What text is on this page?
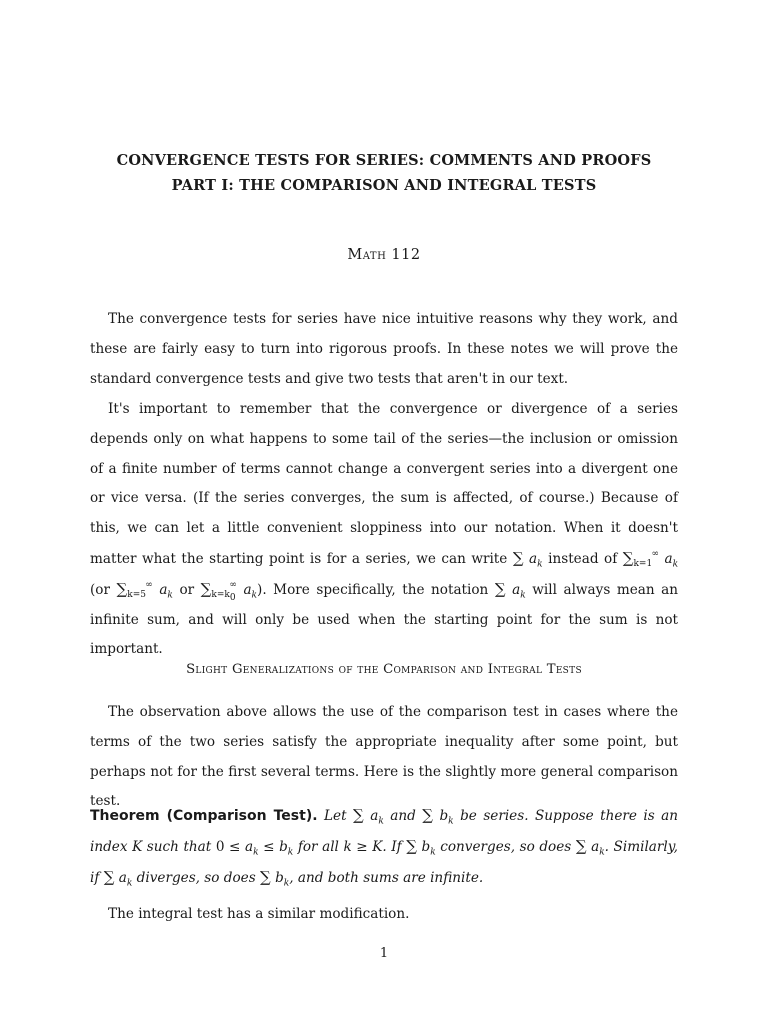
CONVERGENCE TESTS FOR SERIES: COMMENTS AND PROOFS
PART I: THE COMPARISON AND INTEGRAL TESTS
Math 112

The convergence tests for series have nice intuitive reasons why they work, and these are fairly easy to turn into rigorous proofs. In these notes we will prove the standard convergence tests and give two tests that aren't in our text.

It's important to remember that the convergence or divergence of a series depends only on what happens to some tail of the series—the inclusion or omission of a finite number of terms cannot change a convergent series into a divergent one or vice versa. (If the series converges, the sum is affected, of course.) Because of this, we can let a little convenient sloppiness into our notation. When it doesn't matter what the starting point is for a series, we can write ∑ $a_k$ instead of ∑ ∞
k=1 $a_k$ (or ∑ ∞
k=5 $a_k$ or ∑ ∞
$k=k_0$ $a_k$). More specifically, the notation ∑ $a_k$ will always mean an infinite sum, and will only be used when the starting point for the sum is not important.

Slight Generalizations of the Comparison and Integral Tests

The observation above allows the use of the comparison test in cases where the terms of the two series satisfy the appropriate inequality after some point, but perhaps not for the first several terms. Here is the slightly more general comparison test.

Theorem (Comparison Test). Let ∑ $a_k$ and ∑ $b_k$ be series. Suppose there is an index K such that $0 \le a_k \le b_k$ for all k ≥ K. If ∑ $b_k$ converges, so does ∑ $a_k$. Similarly, if ∑ $a_k$ diverges, so does ∑ $b_k$, and both sums are infinite.

The integral test has a similar modification.

1
